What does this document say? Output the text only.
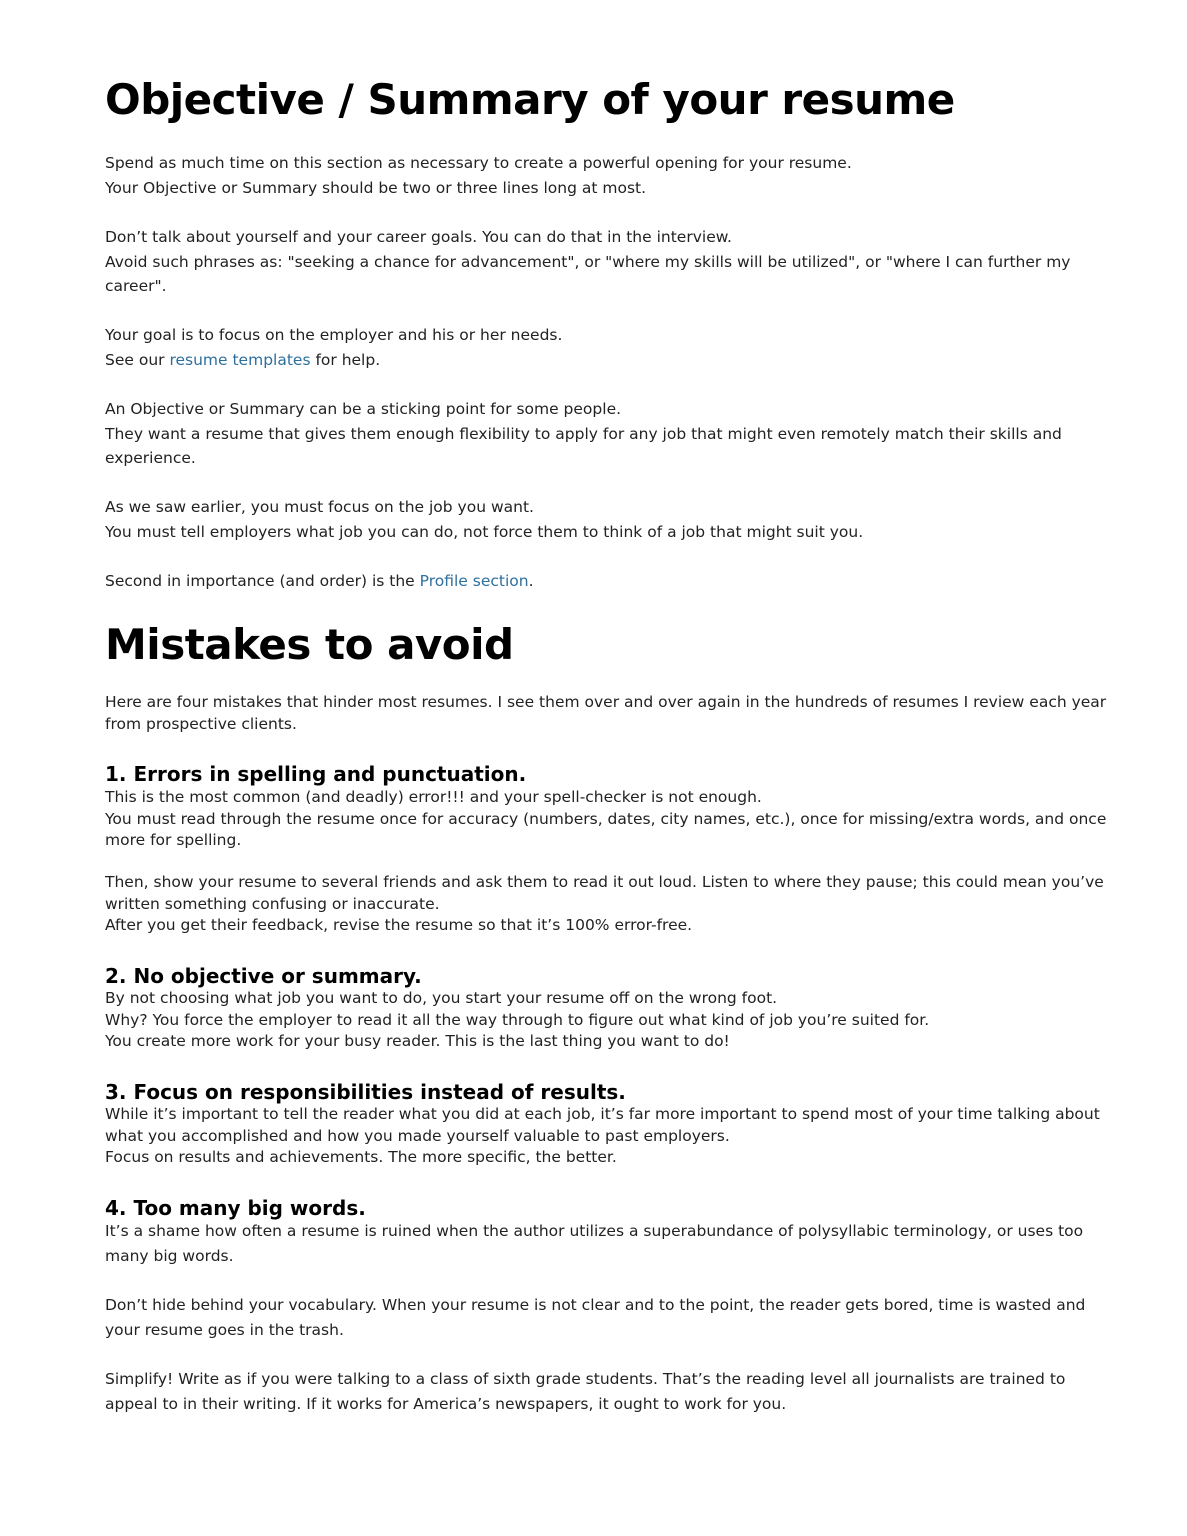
Objective / Summary of your resume
Spend as much time on this section as necessary to create a powerful opening for your resume.
Your Objective or Summary should be two or three lines long at most.
Don’t talk about yourself and your career goals. You can do that in the interview.
Avoid such phrases as: "seeking a chance for advancement", or "where my skills will be utilized", or "where I can further my career".
Your goal is to focus on the employer and his or her needs.
See our resume templates for help.
An Objective or Summary can be a sticking point for some people.
They want a resume that gives them enough flexibility to apply for any job that might even remotely match their skills and experience.
As we saw earlier, you must focus on the job you want.
You must tell employers what job you can do, not force them to think of a job that might suit you.
Second in importance (and order) is the Profile section.
Mistakes to avoid
Here are four mistakes that hinder most resumes. I see them over and over again in the hundreds of resumes I review each year from prospective clients.
1. Errors in spelling and punctuation.
This is the most common (and deadly) error!!! and your spell-checker is not enough.
You must read through the resume once for accuracy (numbers, dates, city names, etc.), once for missing/extra words, and once more for spelling.
Then, show your resume to several friends and ask them to read it out loud. Listen to where they pause; this could mean you’ve written something confusing or inaccurate.
After you get their feedback, revise the resume so that it’s 100% error-free.
2. No objective or summary.
By not choosing what job you want to do, you start your resume off on the wrong foot.
Why? You force the employer to read it all the way through to figure out what kind of job you’re suited for.
You create more work for your busy reader. This is the last thing you want to do!
3. Focus on responsibilities instead of results.
While it’s important to tell the reader what you did at each job, it’s far more important to spend most of your time talking about what you accomplished and how you made yourself valuable to past employers.
Focus on results and achievements. The more specific, the better.
4. Too many big words.
It’s a shame how often a resume is ruined when the author utilizes a superabundance of polysyllabic terminology, or uses too many big words.
Don’t hide behind your vocabulary. When your resume is not clear and to the point, the reader gets bored, time is wasted and your resume goes in the trash.
Simplify! Write as if you were talking to a class of sixth grade students. That’s the reading level all journalists are trained to appeal to in their writing. If it works for America’s newspapers, it ought to work for you.
